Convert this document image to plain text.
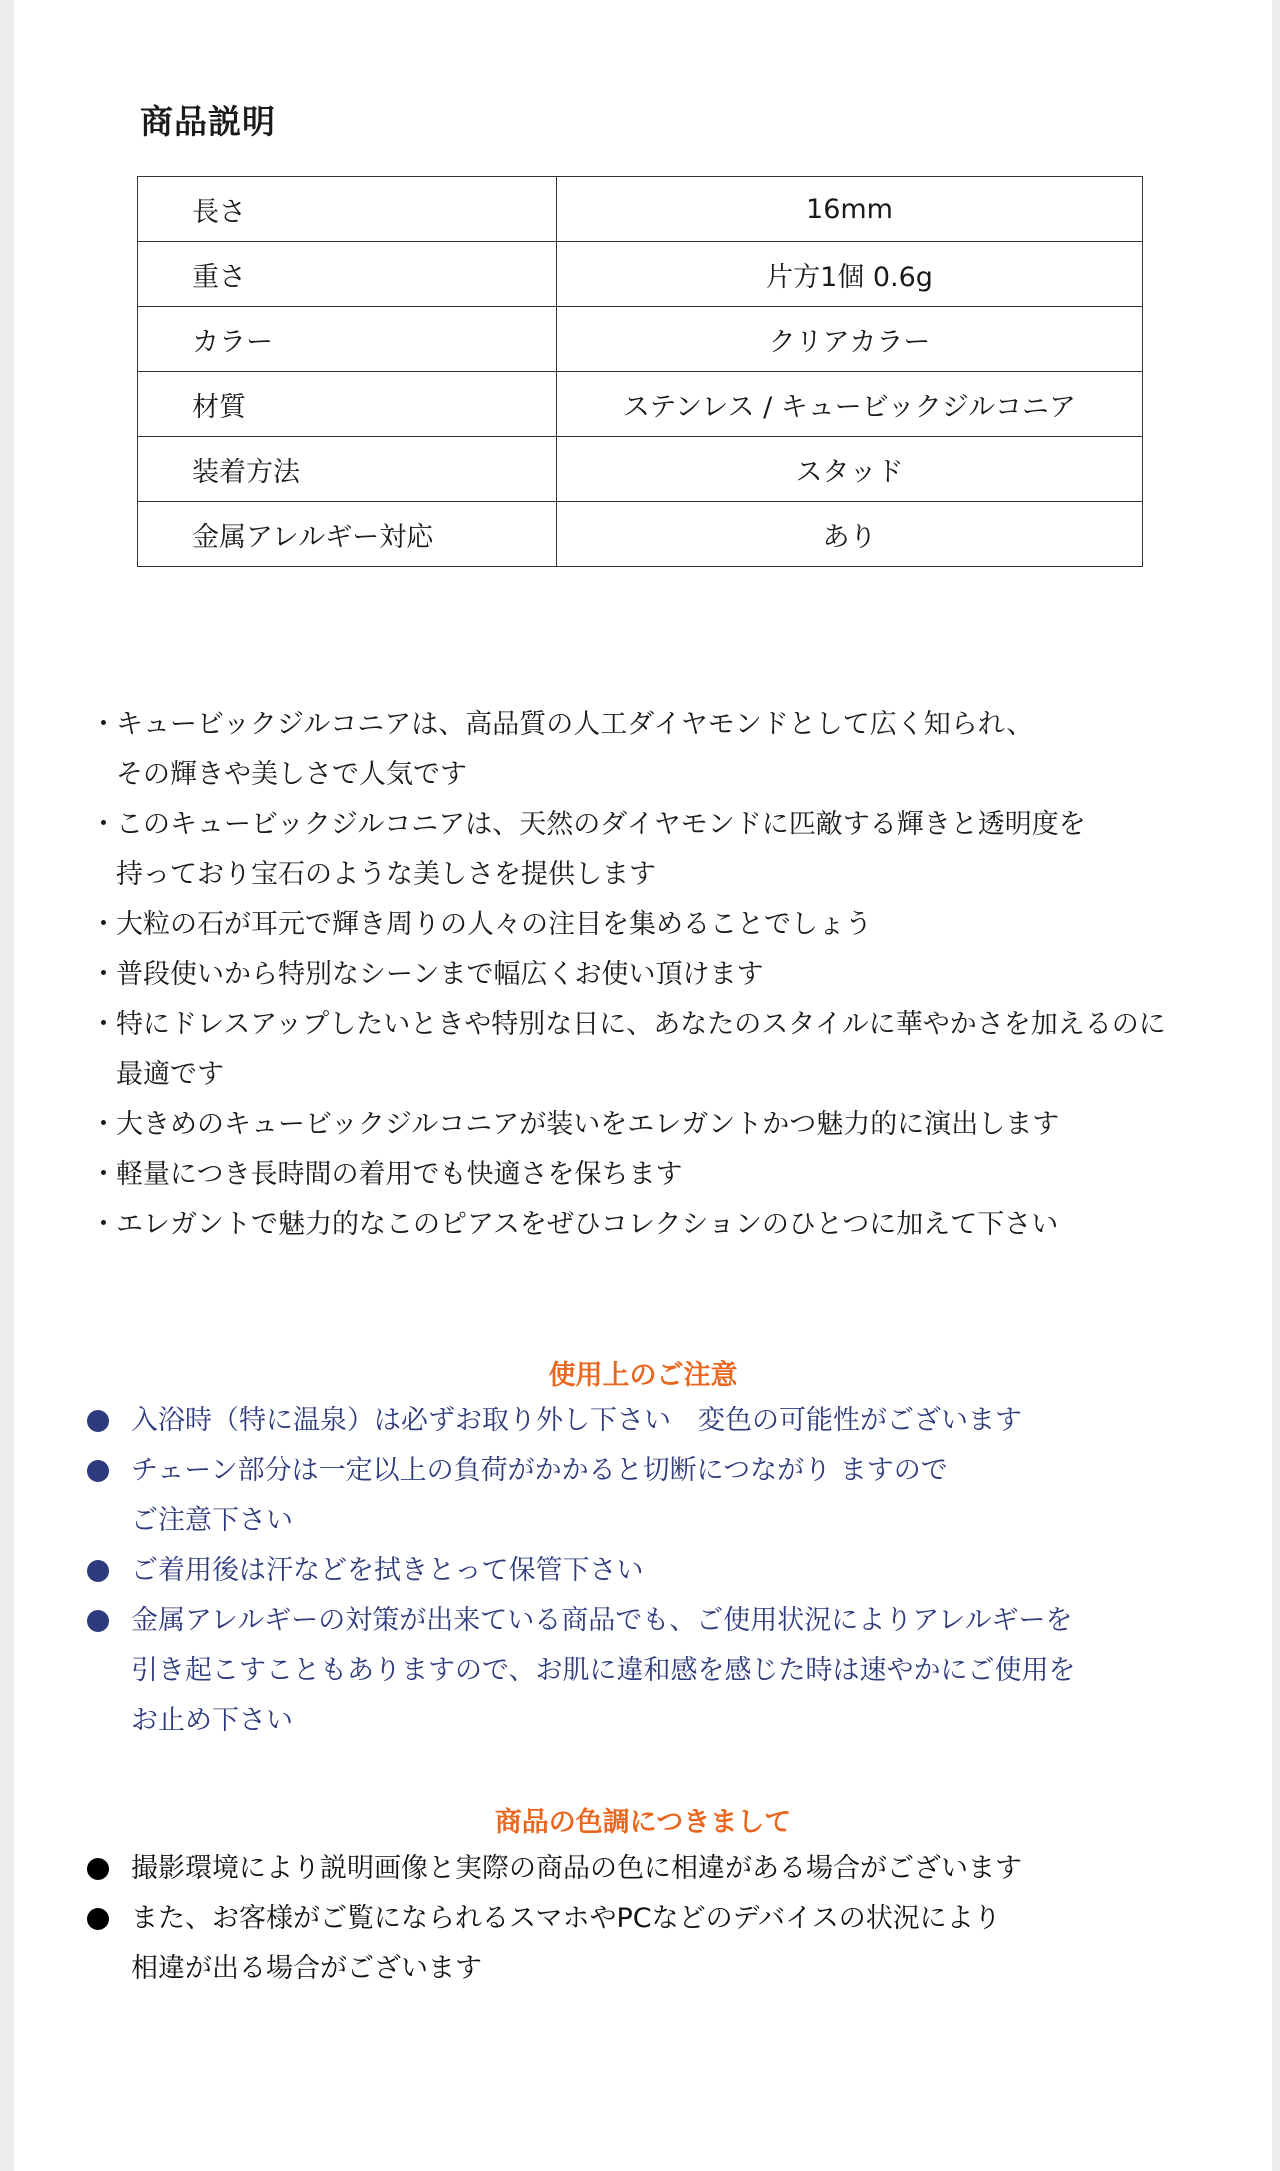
商品説明
長さ	16mm
重さ	片方1個 0.6g
カラー	クリアカラー
材質	ステンレス / キュービックジルコニア
装着方法	スタッド
金属アレルギー対応	あり
・ キュービックジルコニアは、高品質の人工ダイヤモンドとして広く知られ、
その輝きや美しさで人気です
・ このキュービックジルコニアは、天然のダイヤモンドに匹敵する輝きと透明度を
持っており宝石のような美しさを提供します
・ 大粒の石が耳元で輝き周りの人々の注目を集めることでしょう
・ 普段使いから特別なシーンまで幅広くお使い頂けます
・ 特にドレスアップしたいときや特別な日に、あなたのスタイルに華やかさを加えるのに
最適です
・ 大きめのキュービックジルコニアが装いをエレガントかつ魅力的に演出します
・ 軽量につき長時間の着用でも快適さを保ちます
・ エレガントで魅力的なこのピアスをぜひコレクションのひとつに加えて下さい
使用上のご注意
入浴時（特に温泉）は必ずお取り外し下さい　変色の可能性がございます
チェーン部分は一定以上の負荷がかかると切断につながり ますので
ご注意下さい
ご着用後は汗などを拭きとって保管下さい
金属アレルギーの対策が出来ている商品でも、ご使用状況によりアレルギーを
引き起こすこともありますので、お肌に違和感を感じた時は速やかにご使用を
お止め下さい
商品の色調につきまして
撮影環境により説明画像と実際の商品の色に相違がある場合がございます
また、お客様がご覧になられるスマホやPCなどのデバイスの状況により
相違が出る場合がございます
